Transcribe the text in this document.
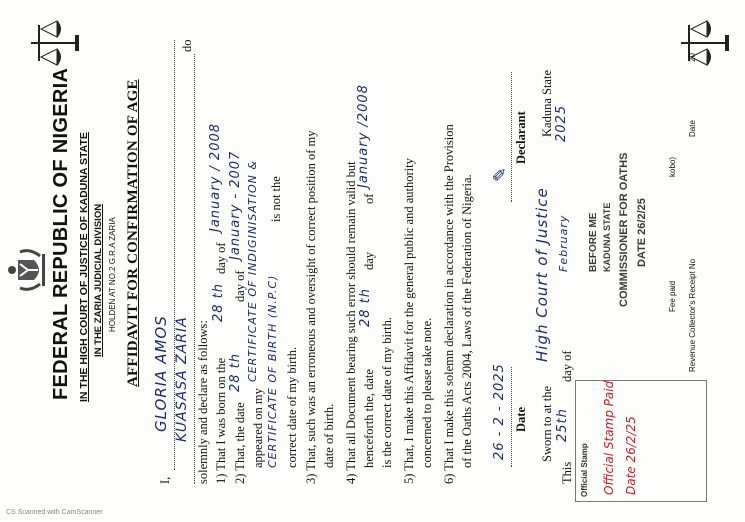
FEDERAL REPUBLIC OF NIGERIA IN THE HIGH COURT OF JUSTICE OF KADUNA STATE IN THE ZARIA JUDICIAL DIVISION HOLDEN AT NO.2 G.R.A ZARIA AFFIDAVIT FOR CONFIRMATION OF AGE
I,
GLORIA AMOS KUASASA ZARIA
do
solemnly and declare as follows: 1) That I was born on the
28 th
day of
January / 2008
2) That, the date
28 th
day of
January - 2007
appeared on my
CERTIFICATE OF INDIGINISATION & CERTIFICATE OF BIRTH (N.P.C)
is not the
correct date of my birth. 3) That, such was an erroneous and oversight of correct position of my date of birth. 4) That all Document bearing such error should remain valid but henceforth the, date
28 th
day
of
January /2008
is the correct date of my birth. 5) That, I make this Affidavit for the general public and authority concerned to please take note. 6) That I make this solemn declaration in accordance with the Provision of the Oaths Acts 2004, Laws of the Federation of Nigeria. 26 - 2 - 2025 Date
✎
Declarant
Sworn to at the
High Court of Justice
Kaduna State
This
25th
day of
February
2025
BEFORE ME KADUNA STATE COMMISSIONER FOR OATHS DATE 26/2/25
Official Stamp Official Stamp Paid Date 26/2/25
Fee paid Revenue Collector's Receipt No
kobo)
Date
20
CS Scanned with CamScanner
